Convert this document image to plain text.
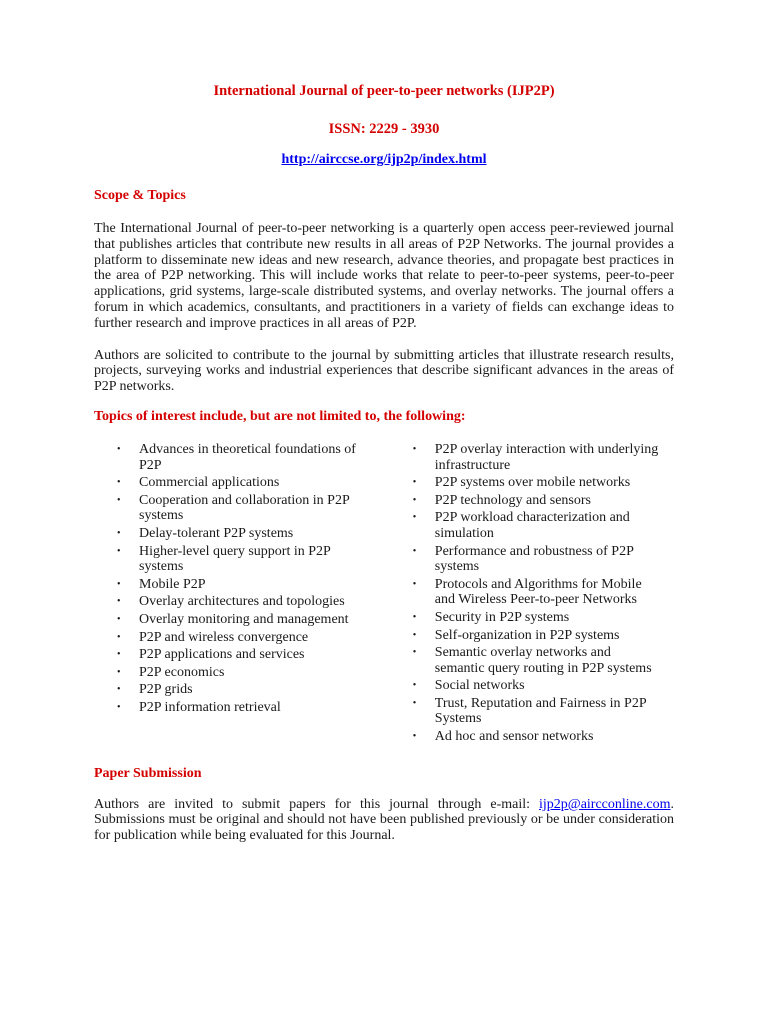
International Journal of peer-to-peer networks (IJP2P)
ISSN: 2229 - 3930
http://airccse.org/ijp2p/index.html
Scope & Topics

The International Journal of peer-to-peer networking is a quarterly open access peer-reviewed journal that publishes articles that contribute new results in all areas of P2P Networks. The journal provides a platform to disseminate new ideas and new research, advance theories, and propagate best practices in the area of P2P networking. This will include works that relate to peer-to-peer systems, peer-to-peer applications, grid systems, large-scale distributed systems, and overlay networks. The journal offers a forum in which academics, consultants, and practitioners in a variety of fields can exchange ideas to further research and improve practices in all areas of P2P.

Authors are solicited to contribute to the journal by submitting articles that illustrate research results, projects, surveying works and industrial experiences that describe significant advances in the areas of P2P networks.

Topics of interest include, but are not limited to, the following:
• Advances in theoretical foundations of P2P
• Commercial applications
• Cooperation and collaboration in P2P systems
• Delay-tolerant P2P systems
• Higher-level query support in P2P systems
• Mobile P2P
• Overlay architectures and topologies
• Overlay monitoring and management
• P2P and wireless convergence
• P2P applications and services
• P2P economics
• P2P grids
• P2P information retrieval
• P2P overlay interaction with underlying infrastructure
• P2P systems over mobile networks
• P2P technology and sensors
• P2P workload characterization and simulation
• Performance and robustness of P2P systems
• Protocols and Algorithms for Mobile and Wireless Peer-to-peer Networks
• Security in P2P systems
• Self-organization in P2P systems
• Semantic overlay networks and semantic query routing in P2P systems
• Social networks
• Trust, Reputation and Fairness in P2P Systems
• Ad hoc and sensor networks
Paper Submission

Authors are invited to submit papers for this journal through e-mail: ijp2p@aircconline.com. Submissions must be original and should not have been published previously or be under consideration for publication while being evaluated for this Journal.
